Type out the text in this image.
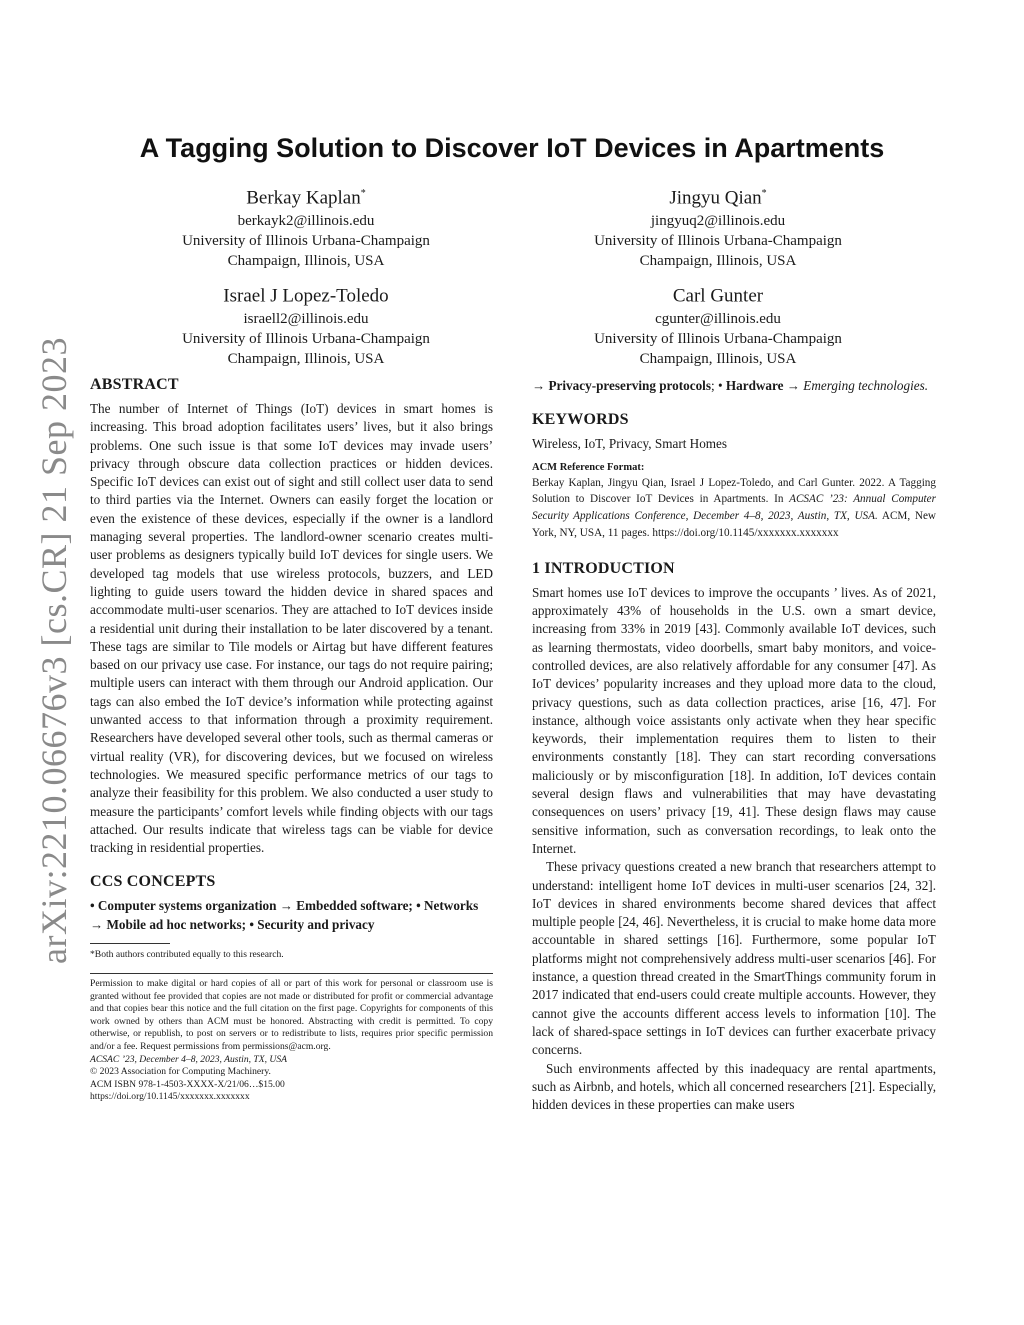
arXiv:2210.06676v3 [cs.CR] 21 Sep 2023
A Tagging Solution to Discover IoT Devices in Apartments
Berkay Kaplan*
berkayk2@illinois.edu
University of Illinois Urbana-Champaign
Champaign, Illinois, USA
Jingyu Qian*
jingyuq2@illinois.edu
University of Illinois Urbana-Champaign
Champaign, Illinois, USA
Israel J Lopez-Toledo
israell2@illinois.edu
University of Illinois Urbana-Champaign
Champaign, Illinois, USA
Carl Gunter
cgunter@illinois.edu
University of Illinois Urbana-Champaign
Champaign, Illinois, USA
ABSTRACT

The number of Internet of Things (IoT) devices in smart homes is increasing. This broad adoption facilitates users’ lives, but it also brings problems. One such issue is that some IoT devices may invade users’ privacy through obscure data collection practices or hidden devices. Specific IoT devices can exist out of sight and still collect user data to send to third parties via the Internet. Owners can easily forget the location or even the existence of these devices, especially if the owner is a landlord managing several properties. The landlord-owner scenario creates multi-user problems as designers typically build IoT devices for single users. We developed tag models that use wireless protocols, buzzers, and LED lighting to guide users toward the hidden device in shared spaces and accommodate multi-user scenarios. They are attached to IoT devices inside a residential unit during their installation to be later discovered by a tenant. These tags are similar to Tile models or Airtag but have different features based on our privacy use case. For instance, our tags do not require pairing; multiple users can interact with them through our Android application. Our tags can also embed the IoT device’s information while protecting against unwanted access to that information through a proximity requirement. Researchers have developed several other tools, such as thermal cameras or virtual reality (VR), for discovering devices, but we focused on wireless technologies. We measured specific performance metrics of our tags to analyze their feasibility for this problem. We also conducted a user study to measure the participants’ comfort levels while finding objects with our tags attached. Our results indicate that wireless tags can be viable for device tracking in residential properties.

CCS CONCEPTS

• Computer systems organization → Embedded software; • Networks → Mobile ad hoc networks; • Security and privacy

*Both authors contributed equally to this research.

Permission to make digital or hard copies of all or part of this work for personal or classroom use is granted without fee provided that copies are not made or distributed for profit or commercial advantage and that copies bear this notice and the full citation on the first page. Copyrights for components of this work owned by others than ACM must be honored. Abstracting with credit is permitted. To copy otherwise, or republish, to post on servers or to redistribute to lists, requires prior specific permission and/or a fee. Request permissions from permissions@acm.org.

ACSAC ’23, December 4–8, 2023, Austin, TX, USA

© 2023 Association for Computing Machinery.

ACM ISBN 978-1-4503-XXXX-X/21/06…$15.00

https://doi.org/10.1145/xxxxxxx.xxxxxxx

→ Privacy-preserving protocols; • Hardware → Emerging technologies.

KEYWORDS

Wireless, IoT, Privacy, Smart Homes

ACM Reference Format:

Berkay Kaplan, Jingyu Qian, Israel J Lopez-Toledo, and Carl Gunter. 2022. A Tagging Solution to Discover IoT Devices in Apartments. In ACSAC ’23: Annual Computer Security Applications Conference, December 4–8, 2023, Austin, TX, USA. ACM, New York, NY, USA, 11 pages. https://doi.org/10.1145/xxxxxxx.xxxxxxx

1 INTRODUCTION

Smart homes use IoT devices to improve the occupants ’ lives. As of 2021, approximately 43% of households in the U.S. own a smart device, increasing from 33% in 2019 [43]. Commonly available IoT devices, such as learning thermostats, video doorbells, smart baby monitors, and voice-controlled devices, are also relatively affordable for any consumer [47]. As IoT devices’ popularity increases and they upload more data to the cloud, privacy questions, such as data collection practices, arise [16, 47]. For instance, although voice assistants only activate when they hear specific keywords, their implementation requires them to listen to their environments constantly [18]. They can start recording conversations maliciously or by misconfiguration [18]. In addition, IoT devices contain several design flaws and vulnerabilities that may have devastating consequences on users’ privacy [19, 41]. These design flaws may cause sensitive information, such as conversation recordings, to leak onto the Internet.

These privacy questions created a new branch that researchers attempt to understand: intelligent home IoT devices in multi-user scenarios [24, 32]. IoT devices in shared environments become shared devices that affect multiple people [24, 46]. Nevertheless, it is crucial to make home data more accountable in shared settings [16]. Furthermore, some popular IoT platforms might not comprehensively address multi-user scenarios [46]. For instance, a question thread created in the SmartThings community forum in 2017 indicated that end-users could create multiple accounts. However, they cannot give the accounts different access levels to information [10]. The lack of shared-space settings in IoT devices can further exacerbate privacy concerns.

Such environments affected by this inadequacy are rental apartments, such as Airbnb, and hotels, which all concerned researchers [21]. Especially, hidden devices in these properties can make users
